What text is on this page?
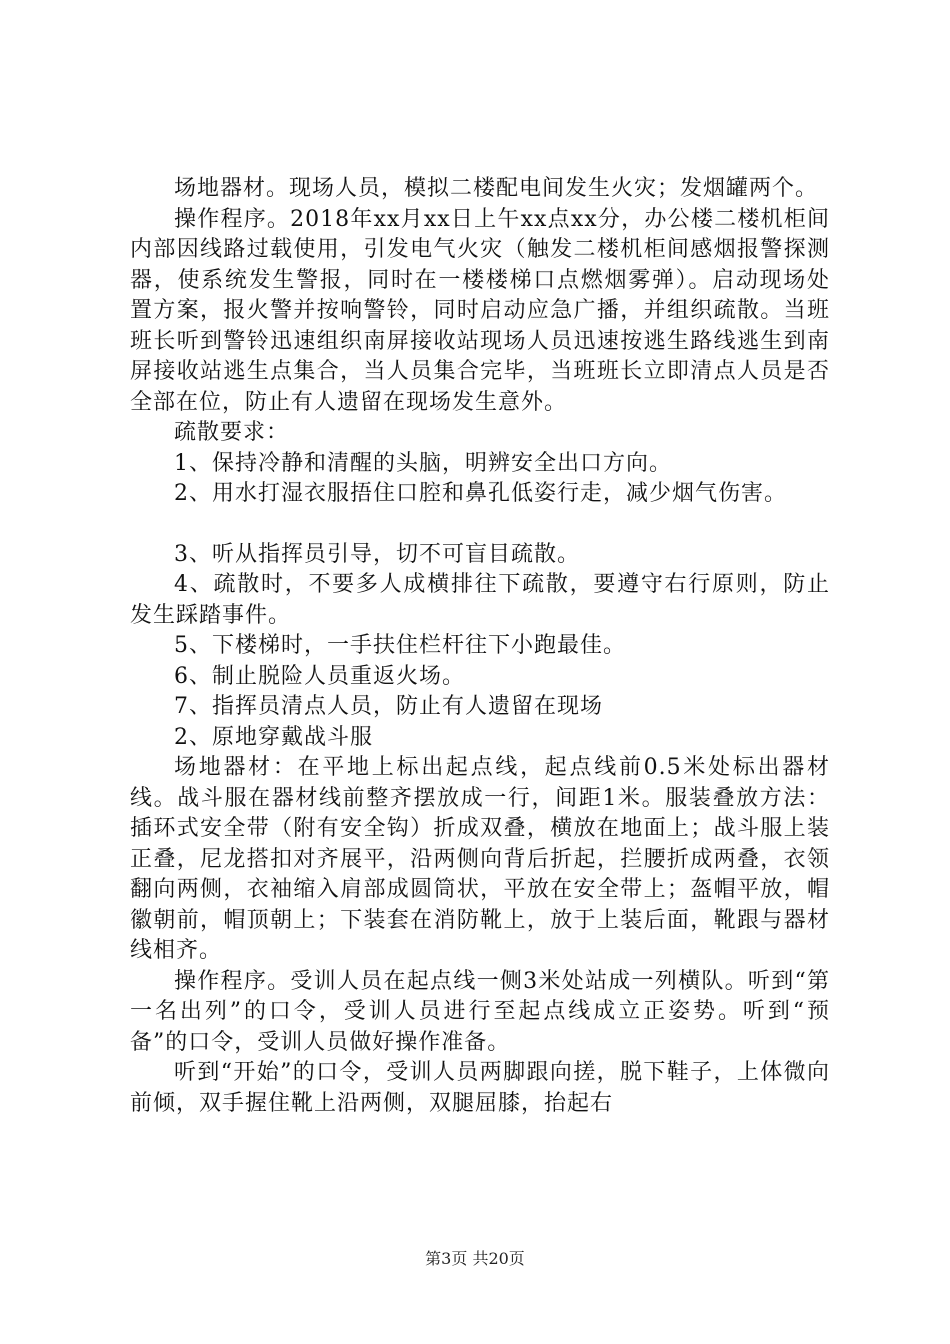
场地器材。现场人员，模拟二楼配电间发生火灾；发烟罐两个。

操作程序。2018年xx月xx日上午xx点xx分，办公楼二楼机柜间内部因线路过载使用，引发电气火灾（触发二楼机柜间感烟报警探测器，使系统发生警报，同时在一楼楼梯口点燃烟雾弹）。启动现场处置方案，报火警并按响警铃，同时启动应急广播，并组织疏散。当班班长听到警铃迅速组织南屏接收站现场人员迅速按逃生路线逃生到南屏接收站逃生点集合，当人员集合完毕，当班班长立即清点人员是否全部在位，防止有人遗留在现场发生意外。

疏散要求：

1、保持冷静和清醒的头脑，明辨安全出口方向。

2、用水打湿衣服捂住口腔和鼻孔低姿行走，减少烟气伤害。

3、听从指挥员引导，切不可盲目疏散。

4、疏散时，不要多人成横排往下疏散，要遵守右行原则，防止发生踩踏事件。

5、下楼梯时，一手扶住栏杆往下小跑最佳。

6、制止脱险人员重返火场。

7、指挥员清点人员，防止有人遗留在现场

2、原地穿戴战斗服

场地器材：在平地上标出起点线，起点线前0.5米处标出器材线。战斗服在器材线前整齐摆放成一行，间距1米。服装叠放方法：插环式安全带（附有安全钩）折成双叠，横放在地面上；战斗服上装正叠，尼龙搭扣对齐展平，沿两侧向背后折起，拦腰折成两叠，衣领翻向两侧，衣袖缩入肩部成圆筒状，平放在安全带上；盔帽平放，帽徽朝前，帽顶朝上；下装套在消防靴上，放于上装后面，靴跟与器材线相齐。

操作程序。受训人员在起点线一侧3米处站成一列横队。听到“第一名出列”的口令，受训人员进行至起点线成立正姿势。听到“预备”的口令，受训人员做好操作准备。

听到“开始”的口令，受训人员两脚跟向搓，脱下鞋子，上体微向前倾，双手握住靴上沿两侧，双腿屈膝，抬起右

第3页 共20页
